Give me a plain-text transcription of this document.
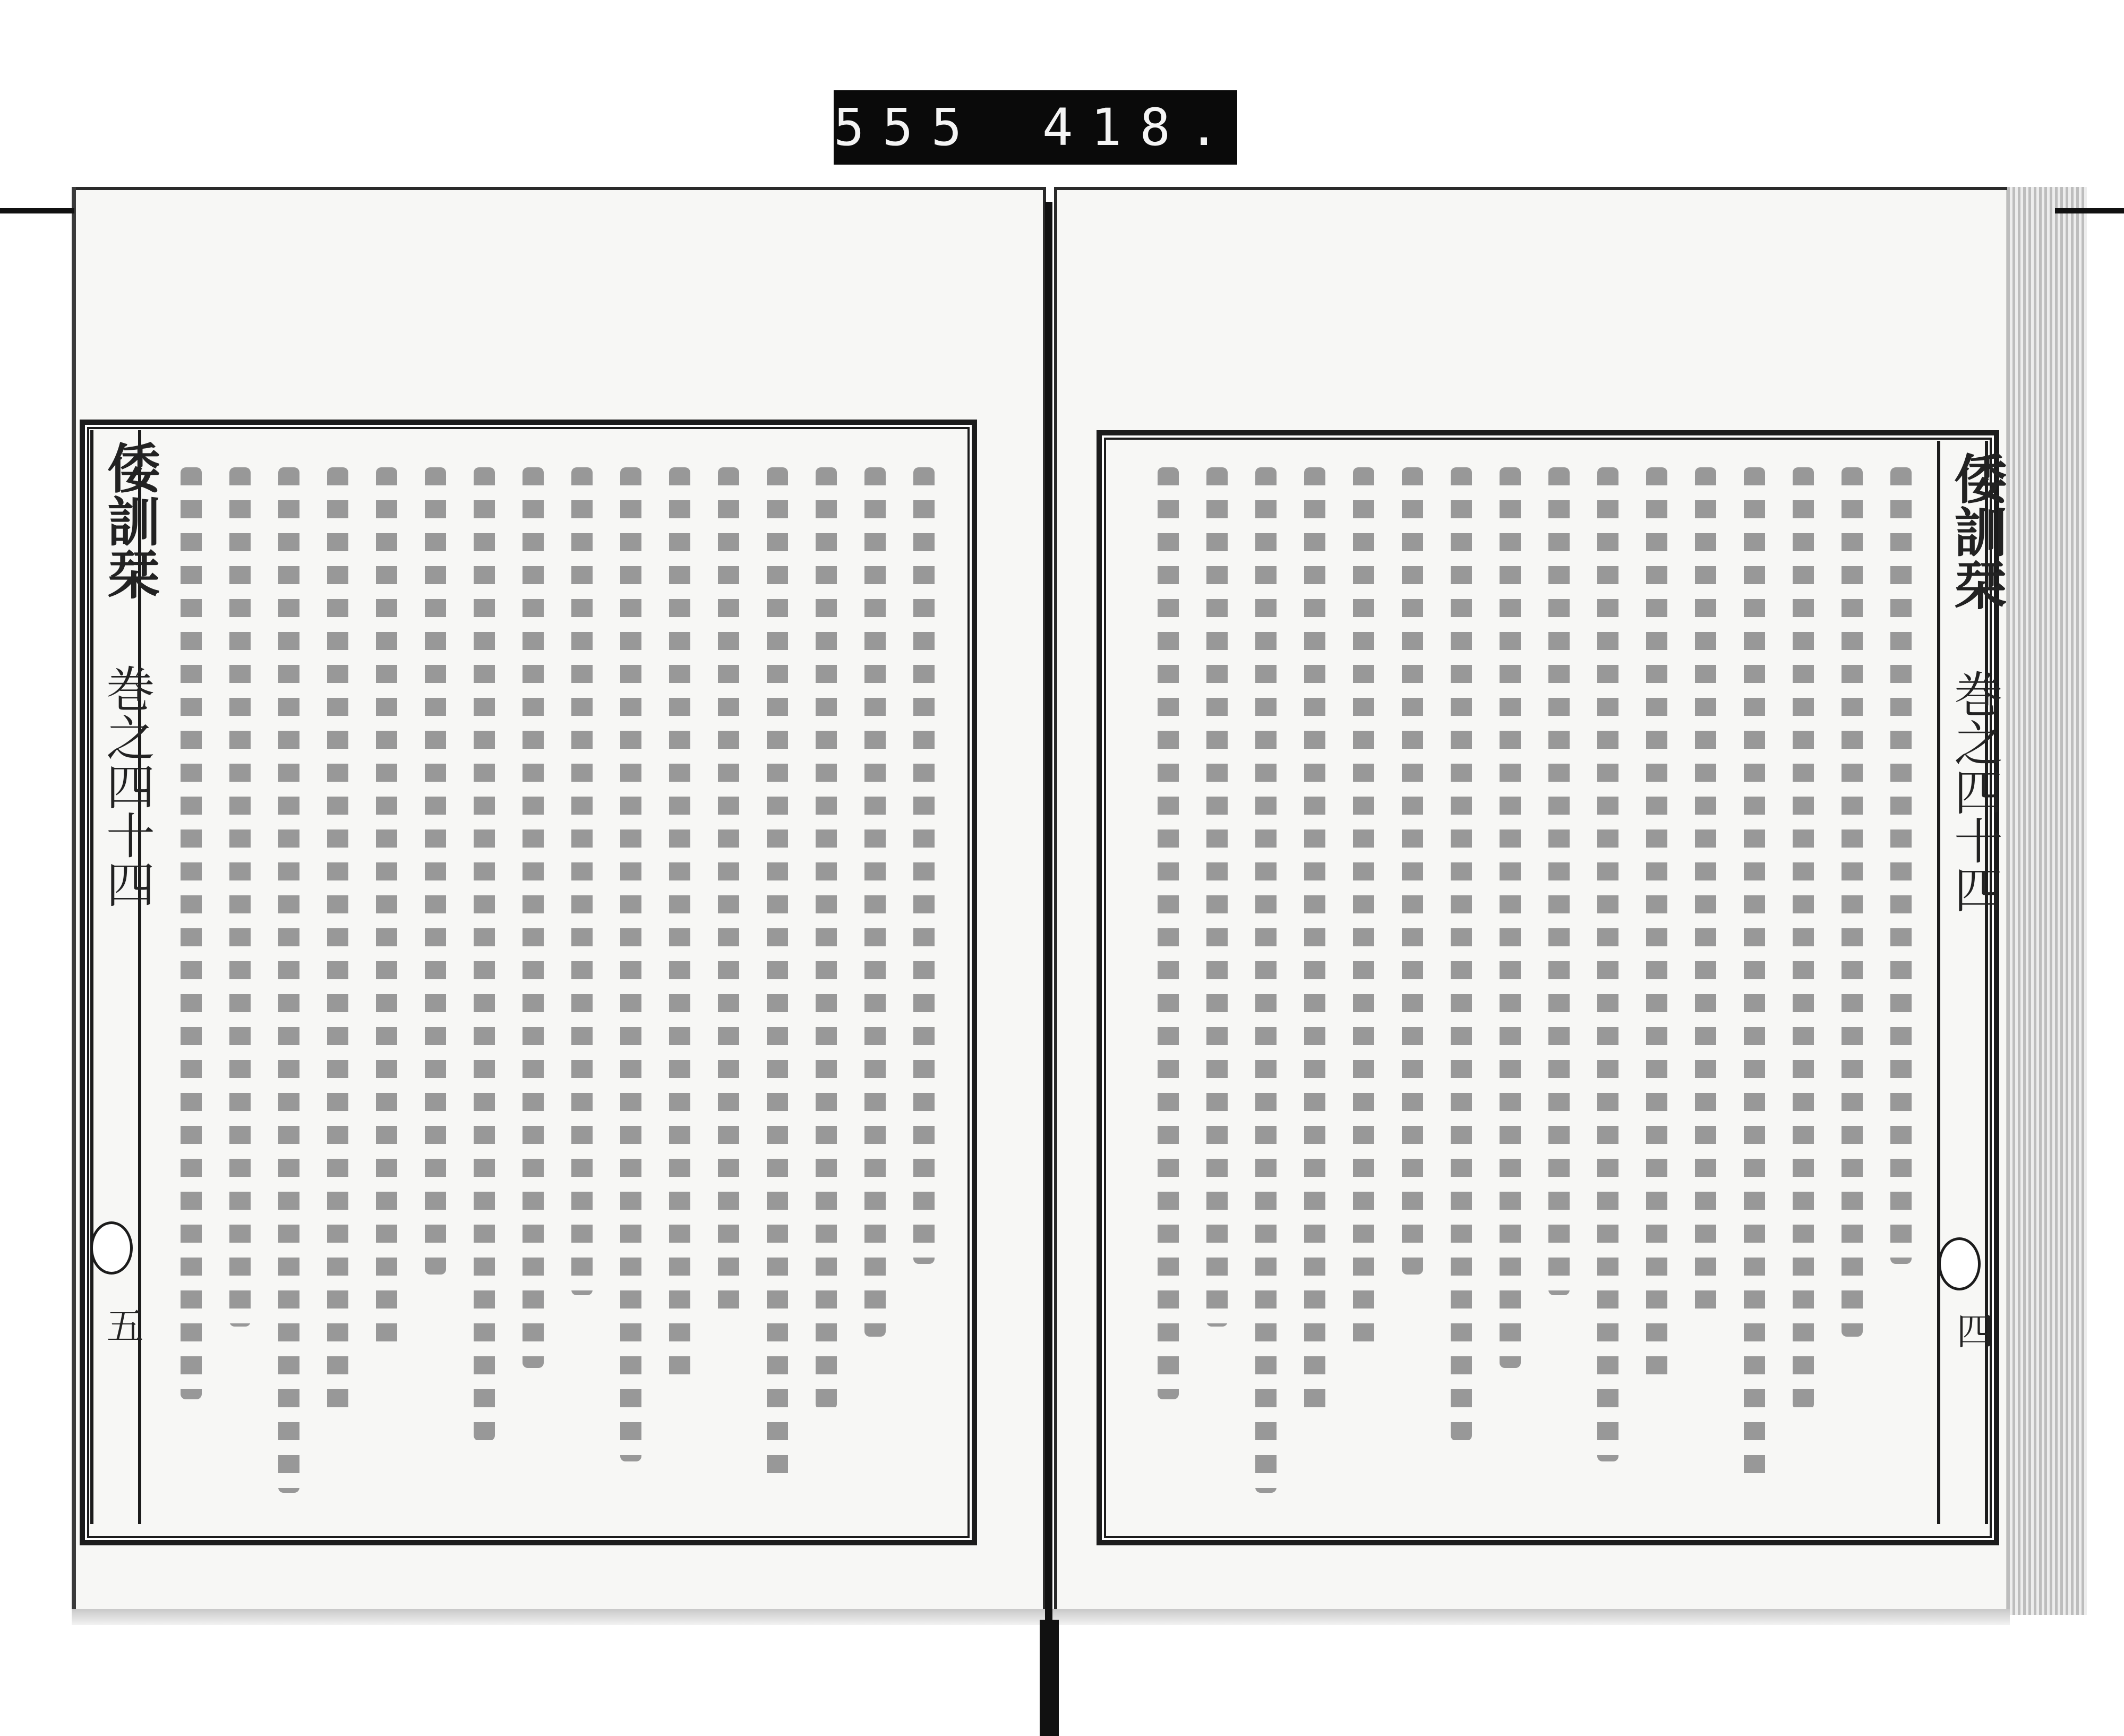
555 418.
倭訓栞
巻之四十四
五
倭訓栞
巻之四十四
四
